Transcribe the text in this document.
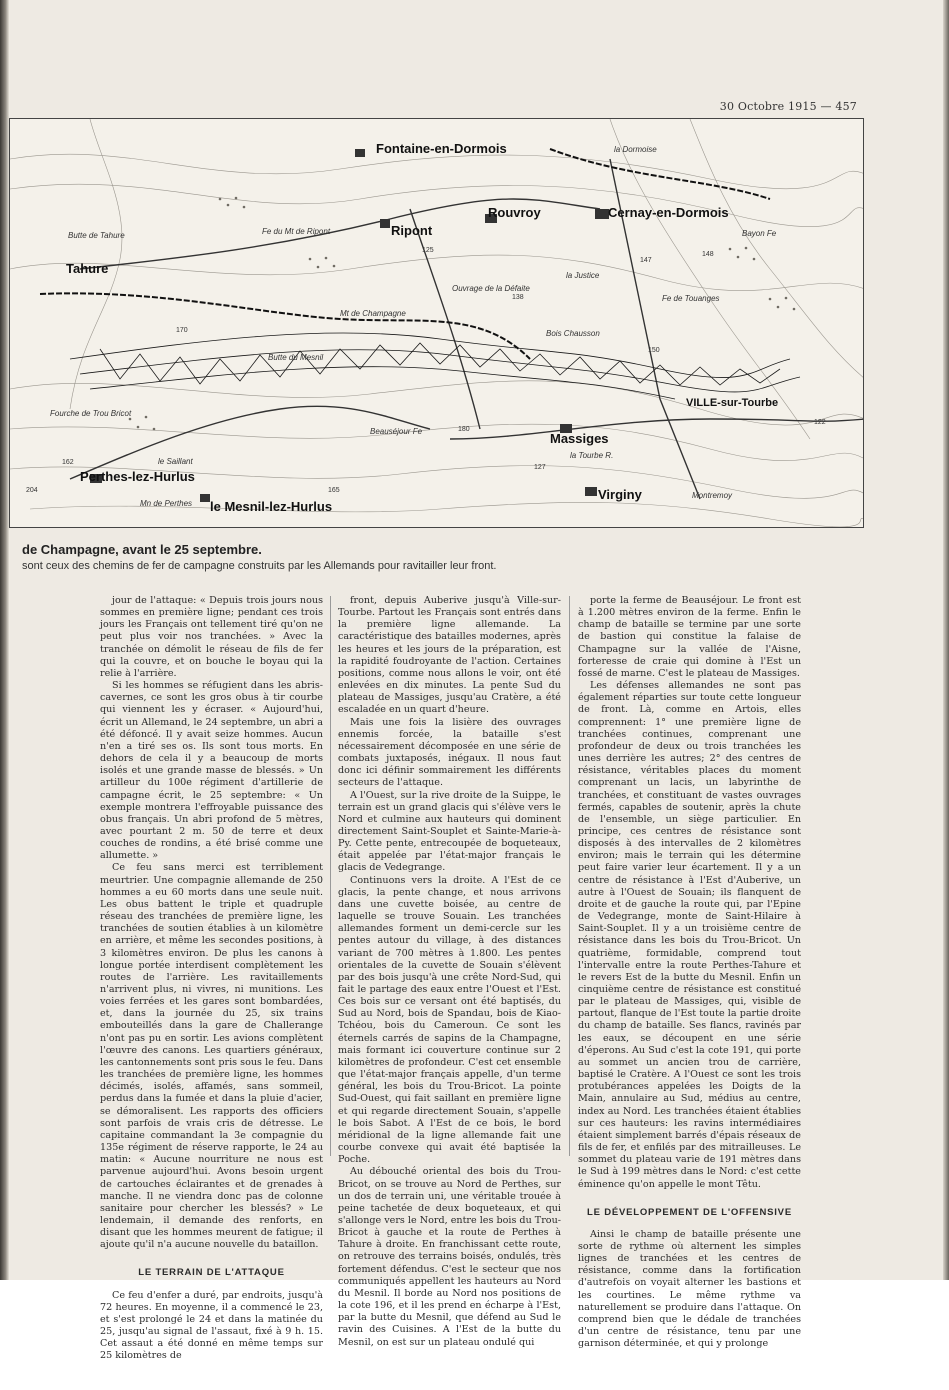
30 Octobre 1915 — 457
Fontaine-en-Dormois
Rouvroy	Cernay-en-Dormois
Ripont
Tahure
VILLE-sur-Tourbe
Massiges
Perthes-lez-Hurlus
le Mesnil-lez-Hurlus
Virginy
Butte de Tahure	Fe du Mt de Ripont
la Justice
Fe de Touanges
Bayon Fe
Mt de Champagne
Beauséjour Fe
Montremoy
Mn de Perthes
la Tourbe R.
Ouvrage de la Défaite
Bois Chausson
Butte du Mesnil
Fourche de Trou Bricot
le Saillant
la Dormoise
125
147
148
138
170
180
150
127
122
165
162
204
de Champagne, avant le 25 septembre.
sont ceux des chemins de fer de campagne construits par les Allemands pour ravitailler leur front.

jour de l'attaque: « Depuis trois jours nous sommes en première ligne; pendant ces trois jours les Français ont tellement tiré qu'on ne peut plus voir nos tranchées. » Avec la tranchée on démolit le réseau de fils de fer qui la couvre, et on bouche le boyau qui la relie à l'arrière.

Si les hommes se réfugient dans les abris-cavernes, ce sont les gros obus à tir courbe qui viennent les y écraser. « Aujourd'hui, écrit un Allemand, le 24 septembre, un abri a été défoncé. Il y avait seize hommes. Aucun n'en a tiré ses os. Ils sont tous morts. En dehors de cela il y a beaucoup de morts isolés et une grande masse de blessés. » Un artilleur du 100e régiment d'artillerie de campagne écrit, le 25 septembre: « Un exemple montrera l'effroyable puissance des obus français. Un abri profond de 5 mètres, avec pourtant 2 m. 50 de terre et deux couches de rondins, a été brisé comme une allumette. »

Ce feu sans merci est terriblement meurtrier. Une compagnie allemande de 250 hommes a eu 60 morts dans une seule nuit. Les obus battent le triple et quadruple réseau des tranchées de première ligne, les tranchées de soutien établies à un kilomètre en arrière, et même les secondes positions, à 3 kilomètres environ. De plus les canons à longue portée interdisent complètement les routes de l'arrière. Les ravitaillements n'arrivent plus, ni vivres, ni munitions. Les voies ferrées et les gares sont bombardées, et, dans la journée du 25, six trains embouteillés dans la gare de Challerange n'ont pas pu en sortir. Les avions complètent l'œuvre des canons. Les quartiers généraux, les cantonnements sont pris sous le feu. Dans les tranchées de première ligne, les hommes décimés, isolés, affamés, sans sommeil, perdus dans la fumée et dans la pluie d'acier, se démoralisent. Les rapports des officiers sont parfois de vrais cris de détresse. Le capitaine commandant la 3e compagnie du 135e régiment de réserve rapporte, le 24 au matin: « Aucune nourriture ne nous est parvenue aujourd'hui. Avons besoin urgent de cartouches éclairantes et de grenades à manche. Il ne viendra donc pas de colonne sanitaire pour chercher les blessés? » Le lendemain, il demande des renforts, en disant que les hommes meurent de fatigue; il ajoute qu'il n'a aucune nouvelle du bataillon.

LE TERRAIN DE L'ATTAQUE

Ce feu d'enfer a duré, par endroits, jusqu'à 72 heures. En moyenne, il a commencé le 23, et s'est prolongé le 24 et dans la matinée du 25, jusqu'au signal de l'assaut, fixé à 9 h. 15. Cet assaut a été donné en même temps sur 25 kilomètres de

front, depuis Auberive jusqu'à Ville-sur-Tourbe. Partout les Français sont entrés dans la première ligne allemande. La caractéristique des batailles modernes, après les heures et les jours de la préparation, est la rapidité foudroyante de l'action. Certaines positions, comme nous allons le voir, ont été enlevées en dix minutes. La pente Sud du plateau de Massiges, jusqu'au Cratère, a été escaladée en un quart d'heure.

Mais une fois la lisière des ouvrages ennemis forcée, la bataille s'est nécessairement décomposée en une série de combats juxtaposés, inégaux. Il nous faut donc ici définir sommairement les différents secteurs de l'attaque.

A l'Ouest, sur la rive droite de la Suippe, le terrain est un grand glacis qui s'élève vers le Nord et culmine aux hauteurs qui dominent directement Saint-Souplet et Sainte-Marie-à-Py. Cette pente, entrecoupée de boqueteaux, était appelée par l'état-major français le glacis de Vedegrange.

Continuons vers la droite. A l'Est de ce glacis, la pente change, et nous arrivons dans une cuvette boisée, au centre de laquelle se trouve Souain. Les tranchées allemandes forment un demi-cercle sur les pentes autour du village, à des distances variant de 700 mètres à 1.800. Les pentes orientales de la cuvette de Souain s'élèvent par des bois jusqu'à une crête Nord-Sud, qui fait le partage des eaux entre l'Ouest et l'Est. Ces bois sur ce versant ont été baptisés, du Sud au Nord, bois de Spandau, bois de Kiao-Tchéou, bois du Cameroun. Ce sont les éternels carrés de sapins de la Champagne, mais formant ici couverture continue sur 2 kilomètres de profondeur. C'est cet ensemble que l'état-major français appelle, d'un terme général, les bois du Trou-Bricot. La pointe Sud-Ouest, qui fait saillant en première ligne et qui regarde directement Souain, s'appelle le bois Sabot. A l'Est de ce bois, le bord méridional de la ligne allemande fait une courbe convexe qui avait été baptisée la Poche.

Au débouché oriental des bois du Trou-Bricot, on se trouve au Nord de Perthes, sur un dos de terrain uni, une véritable trouée à peine tachetée de deux boqueteaux, et qui s'allonge vers le Nord, entre les bois du Trou-Bricot à gauche et la route de Perthes à Tahure à droite. En franchissant cette route, on retrouve des terrains boisés, ondulés, très fortement défendus. C'est le secteur que nos communiqués appellent les hauteurs au Nord du Mesnil. Il borde au Nord nos positions de la cote 196, et il les prend en écharpe à l'Est, par la butte du Mesnil, que défend au Sud le ravin des Cuisines. A l'Est de la butte du Mesnil, on est sur un plateau ondulé qui

porte la ferme de Beauséjour. Le front est à 1.200 mètres environ de la ferme. Enfin le champ de bataille se termine par une sorte de bastion qui constitue la falaise de Champagne sur la vallée de l'Aisne, forteresse de craie qui domine à l'Est un fossé de marne. C'est le plateau de Massiges.

Les défenses allemandes ne sont pas également réparties sur toute cette longueur de front. Là, comme en Artois, elles comprennent: 1° une première ligne de tranchées continues, comprenant une profondeur de deux ou trois tranchées les unes derrière les autres; 2° des centres de résistance, véritables places du moment comprenant un lacis, un labyrinthe de tranchées, et constituant de vastes ouvrages fermés, capables de soutenir, après la chute de l'ensemble, un siège particulier. En principe, ces centres de résistance sont disposés à des intervalles de 2 kilomètres environ; mais le terrain qui les détermine peut faire varier leur écartement. Il y a un centre de résistance à l'Est d'Auberive, un autre à l'Ouest de Souain; ils flanquent de droite et de gauche la route qui, par l'Epine de Vedegrange, monte de Saint-Hilaire à Saint-Souplet. Il y a un troisième centre de résistance dans les bois du Trou-Bricot. Un quatrième, formidable, comprend tout l'intervalle entre la route Perthes-Tahure et le revers Est de la butte du Mesnil. Enfin un cinquième centre de résistance est constitué par le plateau de Massiges, qui, visible de partout, flanque de l'Est toute la partie droite du champ de bataille. Ses flancs, ravinés par les eaux, se découpent en une série d'éperons. Au Sud c'est la cote 191, qui porte au sommet un ancien trou de carrière, baptisé le Cratère. A l'Ouest ce sont les trois protubérances appelées les Doigts de la Main, annulaire au Sud, médius au centre, index au Nord. Les tranchées étaient établies sur ces hauteurs: les ravins intermédiaires étaient simplement barrés d'épais réseaux de fils de fer, et enfilés par des mitrailleuses. Le sommet du plateau varie de 191 mètres dans le Sud à 199 mètres dans le Nord: c'est cette éminence qu'on appelle le mont Têtu.

LE DÉVELOPPEMENT DE L'OFFENSIVE

Ainsi le champ de bataille présente une sorte de rythme où alternent les simples lignes de tranchées et les centres de résistance, comme dans la fortification d'autrefois on voyait alterner les bastions et les courtines. Le même rythme va naturellement se produire dans l'attaque. On comprend bien que le dédale de tranchées d'un centre de résistance, tenu par une garnison déterminée, et qui y prolonge
